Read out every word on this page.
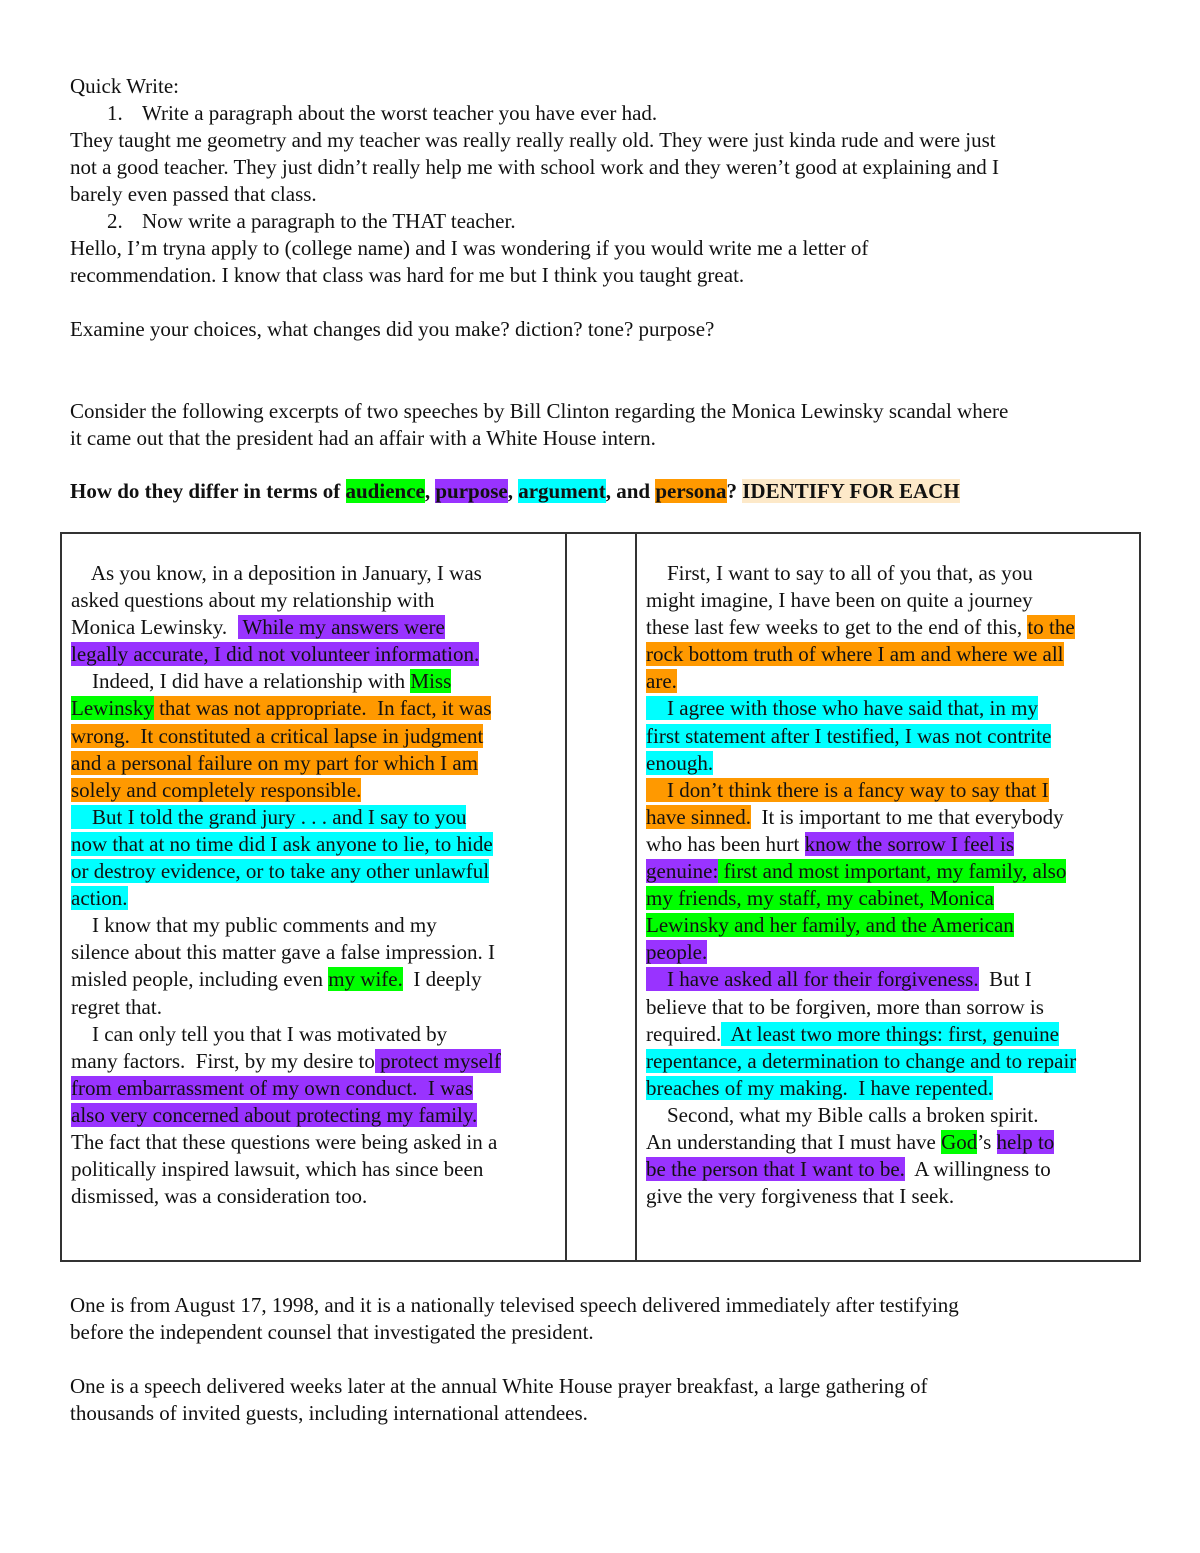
Quick Write:
1. Write a paragraph about the worst teacher you have ever had.
They taught me geometry and my teacher was really really really old. They were just kinda rude and were just
not a good teacher. They just didn’t really help me with school work and they weren’t good at explaining and I
barely even passed that class.
2. Now write a paragraph to the THAT teacher.
Hello, I’m tryna apply to (college name) and I was wondering if you would write me a letter of
recommendation. I know that class was hard for me but I think you taught great.
Examine your choices, what changes did you make? diction? tone? purpose?
Consider the following excerpts of two speeches by Bill Clinton regarding the Monica Lewinsky scandal where
it came out that the president had an affair with a White House intern.
How do they differ in terms of audience, purpose, argument, and persona? IDENTIFY FOR EACH
As you know, in a deposition in January, I was
asked questions about my relationship with
Monica Lewinsky.   While my answers were
legally accurate, I did not volunteer information.
Indeed, I did have a relationship with Miss
Lewinsky that was not appropriate.  In fact, it was
wrong.  It constituted a critical lapse in judgment
and a personal failure on my part for which I am
solely and completely responsible.
But I told the grand jury . . . and I say to you
now that at no time did I ask anyone to lie, to hide
or destroy evidence, or to take any other unlawful
action.
I know that my public comments and my
silence about this matter gave a false impression. I
misled people, including even my wife.  I deeply
regret that.
I can only tell you that I was motivated by
many factors.  First, by my desire to protect myself
from embarrassment of my own conduct.  I was
also very concerned about protecting my family.
The fact that these questions were being asked in a
politically inspired lawsuit, which has since been
dismissed, was a consideration too.
First, I want to say to all of you that, as you
might imagine, I have been on quite a journey
these last few weeks to get to the end of this, to the
rock bottom truth of where I am and where we all
are.
I agree with those who have said that, in my
first statement after I testified, I was not contrite
enough.
I don’t think there is a fancy way to say that I
have sinned.  It is important to me that everybody
who has been hurt know the sorrow I feel is
genuine: first and most important, my family, also
my friends, my staff, my cabinet, Monica
Lewinsky and her family, and the American
people.
I have asked all for their forgiveness.  But I
believe that to be forgiven, more than sorrow is
required.  At least two more things: first, genuine
repentance, a determination to change and to repair
breaches of my making.  I have repented.
Second, what my Bible calls a broken spirit.
An understanding that I must have God’s help to
be the person that I want to be.  A willingness to
give the very forgiveness that I seek.
One is from August 17, 1998, and it is a nationally televised speech delivered immediately after testifying
before the independent counsel that investigated the president.
One is a speech delivered weeks later at the annual White House prayer breakfast, a large gathering of
thousands of invited guests, including international attendees.
